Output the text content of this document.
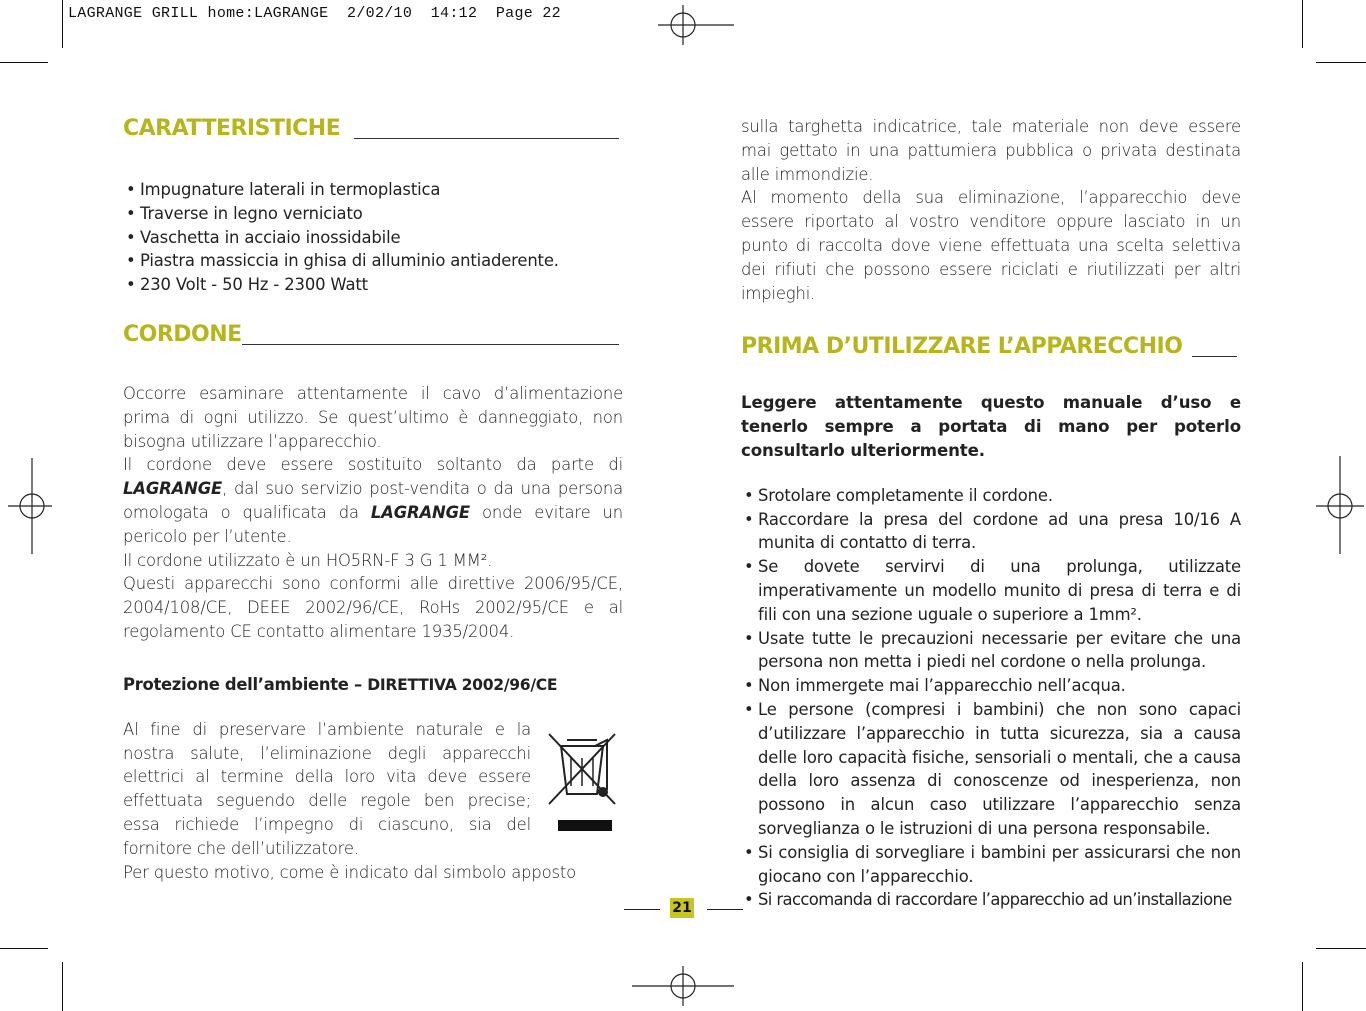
LAGRANGE GRILL home:LAGRANGE  2/02/10  14:12  Page 22
CARATTERISTICHE
• Impugnature laterali in termoplastica
• Traverse in legno verniciato
• Vaschetta in acciaio inossidabile
• Piastra massiccia in ghisa di alluminio antiaderente.
• 230 Volt - 50 Hz - 2300 Watt
CORDONE

Occorre esaminare attentamente il cavo d’alimentazione prima di ogni utilizzo. Se quest’ultimo è danneggiato, non bisogna utilizzare l’apparecchio.

Il cordone deve essere sostituito soltanto da parte di LAGRANGE, dal suo servizio post-vendita o da una persona omologata o qualificata da LAGRANGE onde evitare un pericolo per l’utente.

Il cordone utilizzato è un HO5RN-F 3 G 1 MM².

Questi apparecchi sono conformi alle direttive 2006/95/CE, 2004/108/CE, DEEE 2002/96/CE, RoHs 2002/95/CE e al regolamento CE contatto alimentare 1935/2004.

Protezione dell’ambiente – DIRETTIVA 2002/96/CE
Al fine di preservare l’ambiente naturale e la nostra salute, l’eliminazione degli apparecchi elettrici al termine della loro vita deve essere effettuata seguendo delle regole ben precise; essa richiede l’impegno di ciascuno, sia del fornitore che dell’utilizzatore.
Per questo motivo, come è indicato dal simbolo apposto

sulla targhetta indicatrice, tale materiale non deve essere mai gettato in una pattumiera pubblica o privata destinata alle immondizie.

Al momento della sua eliminazione, l’apparecchio deve essere riportato al vostro venditore oppure lasciato in un punto di raccolta dove viene effettuata una scelta selettiva dei rifiuti che possono essere riciclati e riutilizzati per altri impieghi.

PRIMA D’UTILIZZARE L’APPARECCHIO
Leggere attentamente questo manuale d’uso e tenerlo sempre a portata di mano per poterlo consultarlo ulteriormente.
• Srotolare completamente il cordone.
• Raccordare la presa del cordone ad una presa 10/16 A munita di contatto di terra.
• Se dovete servirvi di una prolunga, utilizzate imperativamente un modello munito di presa di terra e di fili con una sezione uguale o superiore a 1mm².
• Usate tutte le precauzioni necessarie per evitare che una persona non metta i piedi nel cordone o nella prolunga.
• Non immergete mai l’apparecchio nell’acqua.
• Le persone (compresi i bambini) che non sono capaci d’utilizzare l’apparecchio in tutta sicurezza, sia a causa delle loro capacità fisiche, sensoriali o mentali, che a causa della loro assenza di conoscenze od inesperienza, non possono in alcun caso utilizzare l’apparecchio senza sorveglianza o le istruzioni di una persona responsabile.
• Si consiglia di sorvegliare i bambini per assicurarsi che non giocano con l’apparecchio.
• Si raccomanda di raccordare l’apparecchio ad un’installazione
21
